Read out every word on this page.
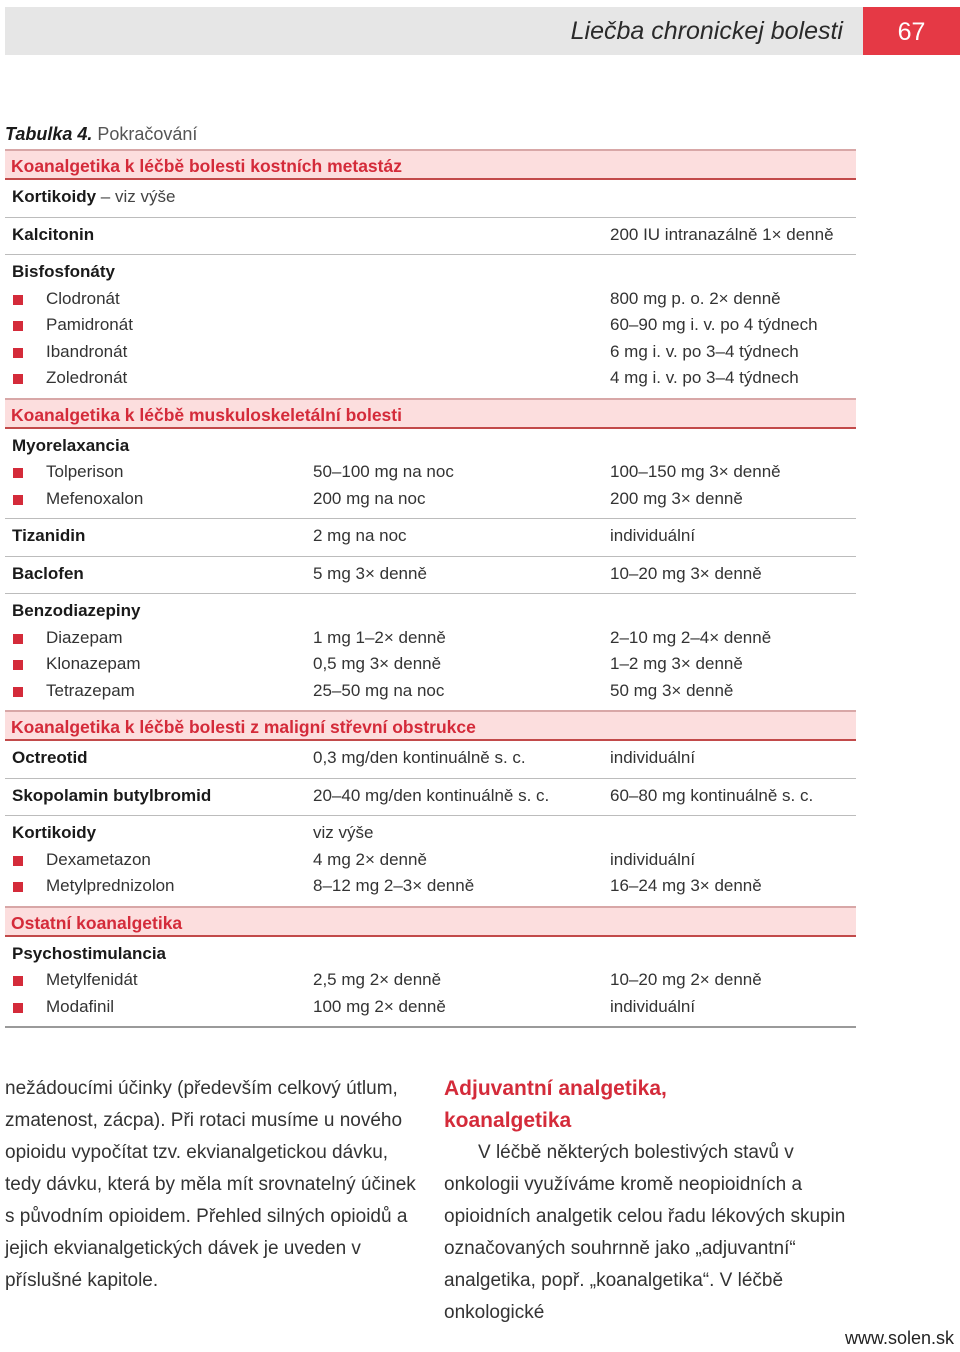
Liečba chronickej bolesti	67
Tabulka 4. Pokračování
Koanalgetika k léčbě bolesti kostních metastáz
Kortikoidy – viz výše
Kalcitonin	200 IU intranazálně 1× denně
Bisfosfonáty
Clodronát	800 mg p. o. 2× denně
Pamidronát	60–90 mg i. v. po 4 týdnech
Ibandronát	6 mg i. v. po 3–4 týdnech
Zoledronát	4 mg i. v. po 3–4 týdnech
Koanalgetika k léčbě muskuloskeletální bolesti
Myorelaxancia
Tolperison	50–100 mg na noc	100–150 mg 3× denně
Mefenoxalon	200 mg na noc	200 mg 3× denně
Tizanidin	2 mg na noc	individuální
Baclofen	5 mg 3× denně	10–20 mg 3× denně
Benzodiazepiny
Diazepam	1 mg 1–2× denně	2–10 mg 2–4× denně
Klonazepam	0,5 mg 3× denně	1–2 mg 3× denně
Tetrazepam	25–50 mg na noc	50 mg 3× denně
Koanalgetika k léčbě bolesti z maligní střevní obstrukce
Octreotid	0,3 mg/den kontinuálně s. c.	individuální
Skopolamin butylbromid	20–40 mg/den kontinuálně s. c.	60–80 mg kontinuálně s. c.
Kortikoidy	viz výše
Dexametazon	4 mg 2× denně	individuální
Metylprednizolon	8–12 mg 2–3× denně	16–24 mg 3× denně
Ostatní koanalgetika
Psychostimulancia
Metylfenidát	2,5 mg 2× denně	10–20 mg 2× denně
Modafinil	100 mg 2× denně	individuální

nežádoucími účinky (především celkový útlum, zmatenost, zácpa). Při rotaci musíme u nového opioidu vypočítat tzv. ekvianalgetickou dávku, tedy dávku, která by měla mít srovnatelný účinek s původním opioidem. Přehled silných opioidů a jejich ekvianalgetických dávek je uveden v příslušné kapitole.

Adjuvantní analgetika,
koanalgetika

V léčbě některých bolestivých stavů v onkologii využíváme kromě neopioidních a opioidních analgetik celou řadu lékových skupin označovaných souhrnně jako „adjuvantní“ analgetika, popř. „koanalgetika“. V léčbě onkologické

www.solen.sk
